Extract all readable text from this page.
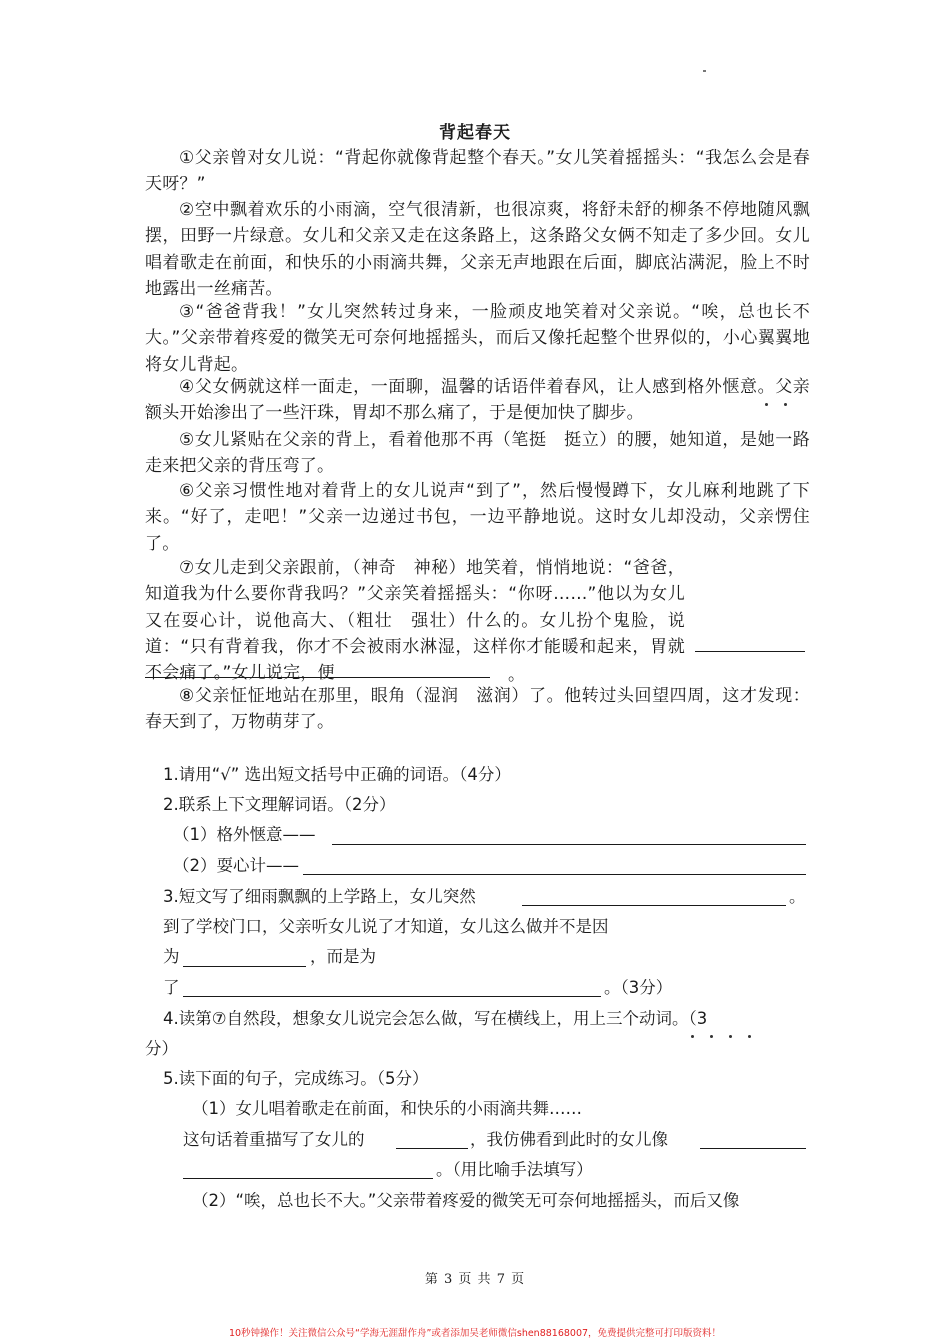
背起春天
①父亲曾对女儿说：“背起你就像背起整个春天。”女儿笑着摇摇头：“我怎么会是春天呀？”
②空中飘着欢乐的小雨滴，空气很清新，也很凉爽，将舒未舒的柳条不停地随风飘摆，田野一片绿意。女儿和父亲又走在这条路上，这条路父女俩不知走了多少回。女儿唱着歌走在前面，和快乐的小雨滴共舞，父亲无声地跟在后面，脚底沾满泥，脸上不时地露出一丝痛苦。
③“爸爸背我！”女儿突然转过身来，一脸顽皮地笑着对父亲说。“唉，总也长不大。”父亲带着疼爱的微笑无可奈何地摇摇头，而后又像托起整个世界似的，小心翼翼地将女儿背起。
④父女俩就这样一面走，一面聊，温馨的话语伴着春风，让人感到格外惬意。父亲额头开始渗出了一些汗珠，胃却不那么痛了，于是便加快了脚步。
⑤女儿紧贴在父亲的背上，看着他那不再（笔挺　挺立）的腰，她知道，是她一路走来把父亲的背压弯了。
⑥父亲习惯性地对着背上的女儿说声“到了”，然后慢慢蹲下，女儿麻利地跳了下来。“好了，走吧！”父亲一边递过书包，一边平静地说。这时女儿却没动，父亲愣住了。
⑦女儿走到父亲跟前，（神奇　神秘）地笑着，悄悄地说：“爸爸，知道我为什么要你背我吗？”父亲笑着摇摇头：“你呀……”他以为女儿又在耍心计，说他高大、（粗壮　强壮）什么的。女儿扮个鬼脸，说道：“只有背着我，你才不会被雨水淋湿，这样你才能暖和起来，胃就不会痛了。”女儿说完，便	。
⑧父亲怔怔地站在那里，眼角（湿润　滋润）了。他转过头回望四周，这才发现：春天到了，万物萌芽了。
1.请用“√” 选出短文括号中正确的词语。（4分）
2.联系上下文理解词语。（2分）
（1）格外惬意——
（2）耍心计——
3.短文写了细雨飘飘的上学路上，女儿突然	。
到了学校门口，父亲听女儿说了才知道，女儿这么做并不是因
为	，而是为
了	。（3分）
4.读第⑦自然段，想象女儿说完会怎么做，写在横线上，用上三个动词。（3
分）
5.读下面的句子，完成练习。（5分）
（1）女儿唱着歌走在前面，和快乐的小雨滴共舞……
这句话着重描写了女儿的	，我仿佛看到此时的女儿像
。（用比喻手法填写）
（2）“唉，总也长不大。”父亲带着疼爱的微笑无可奈何地摇摇头，而后又像
第 3 页 共 7 页
10秒钟操作！关注微信公众号“学海无涯甜作舟”或者添加吴老师微信shen88168007，免费提供完整可打印版资料！
